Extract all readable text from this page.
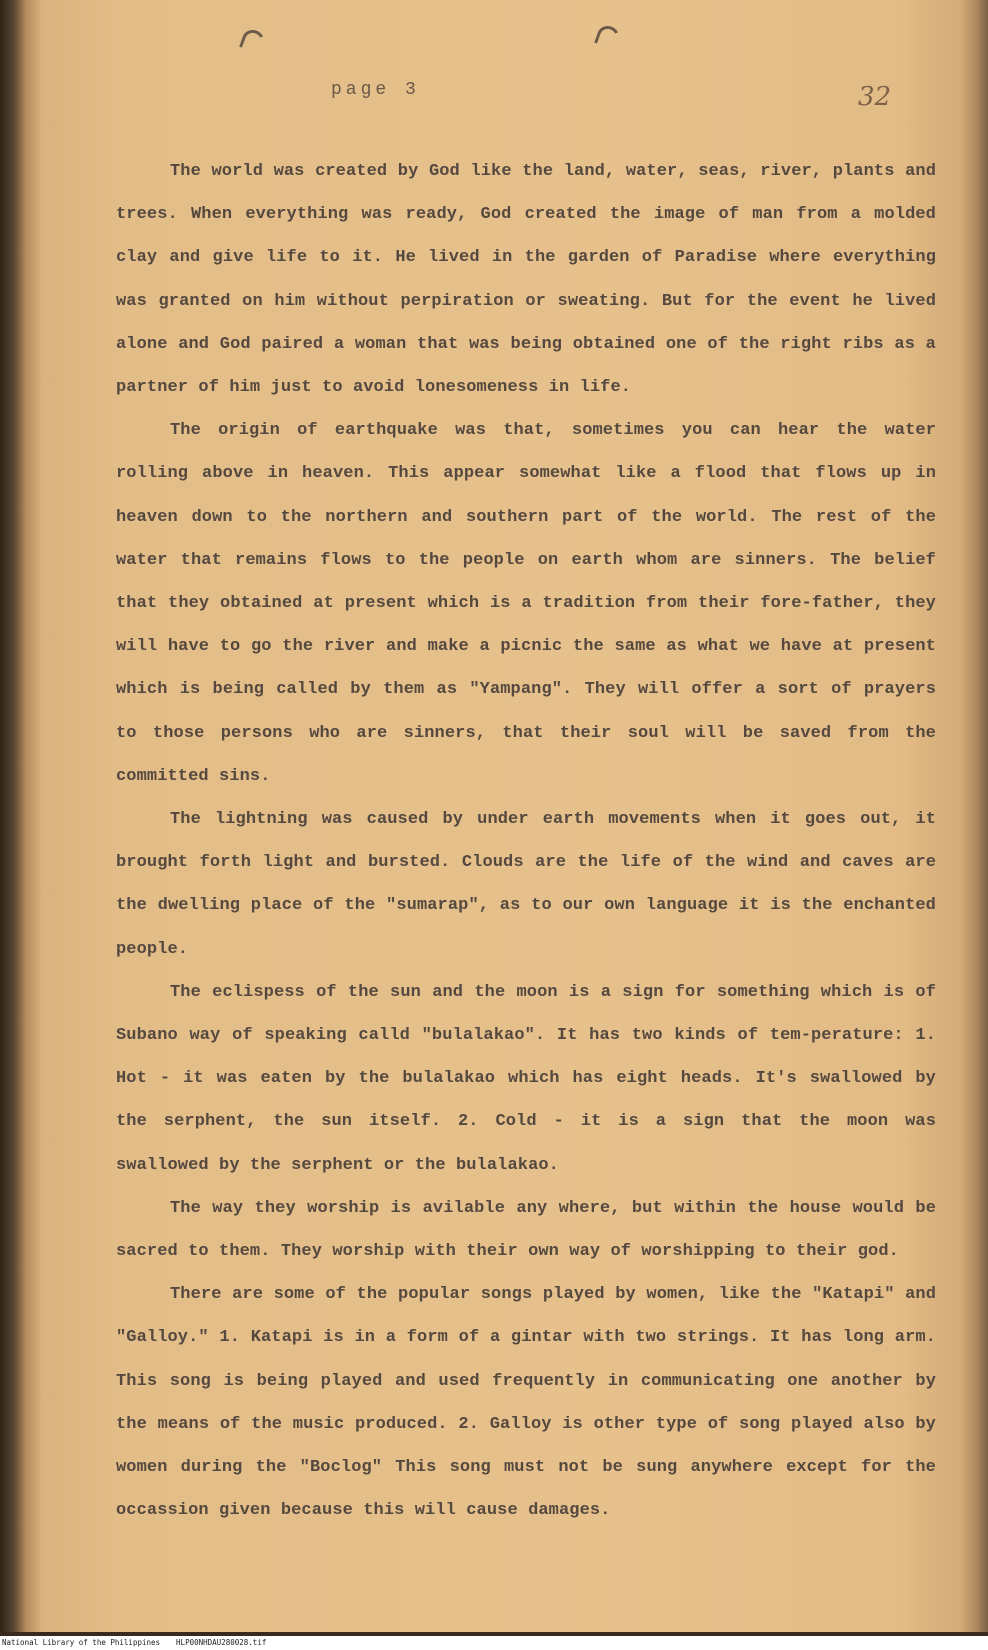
page 3	32

The world was created by God like the land, water, seas, river, plants and trees. When everything was ready, God created the image of man from a molded clay and give life to it. He lived in the garden of Paradise where everything was granted on him without perpiration or sweating. But for the event he lived alone and God paired a woman that was being obtained one of the right ribs as a partner of him just to avoid lonesomeness in life.

The origin of earthquake was that, sometimes you can hear the water rolling above in heaven. This appear somewhat like a flood that flows up in heaven down to the northern and southern part of the world. The rest of the water that remains flows to the people on earth whom are sinners. The belief that they obtained at present which is a tradition from their fore-father, they will have to go the river and make a picnic the same as what we have at present which is being called by them as "Yampang". They will offer a sort of prayers to those persons who are sinners, that their soul will be saved from the committed sins.

The lightning was caused by under earth movements when it goes out, it brought forth light and bursted. Clouds are the life of the wind and caves are the dwelling place of the "sumarap", as to our own language it is the enchanted people.

The eclispess of the sun and the moon is a sign for something which is of Subano way of speaking calld "bulalakao". It has two kinds of tem-perature: 1. Hot - it was eaten by the bulalakao which has eight heads. It's swallowed by the serphent, the sun itself. 2. Cold - it is a sign that the moon was swallowed by the serphent or the bulalakao.

The way they worship is avilable any where, but within the house would be sacred to them. They worship with their own way of worshipping to their god.

There are some of the popular songs played by women, like the "Katapi" and "Galloy." 1. Katapi is in a form of a gintar with two strings. It has long arm. This song is being played and used frequently in communicating one another by the means of the music produced. 2. Galloy is other type of song played also by women during the "Boclog" This song must not be sung anywhere except for the occassion given because this will cause damages.

National Library of the Philippines HLP00NHDAU280028.tif
